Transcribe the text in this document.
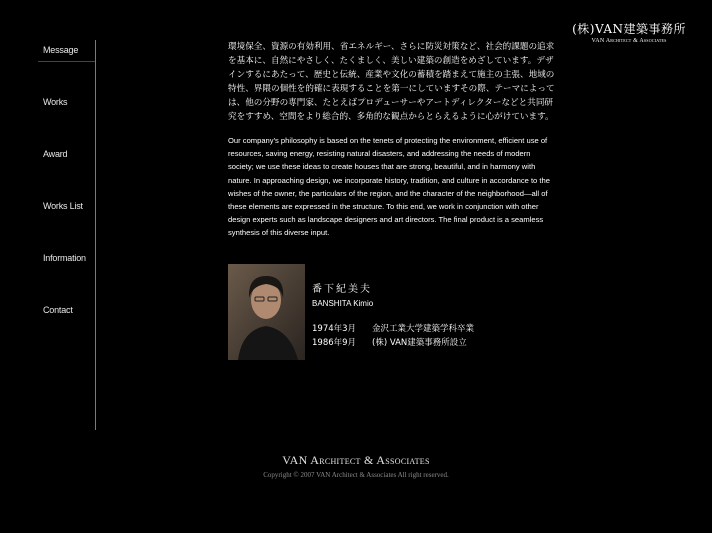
(株)VAN建築事務所
VAN Architect & Associates
Message
Works
Award
Works List
Information
Contact

環境保全、資源の有効利用、省エネルギー、さらに防災対策など、社会的課題の追求を基本に、自然にやさしく、たくましく、美しい建築の創造をめざしています。デザインするにあたって、歴史と伝統、産業や文化の蓄積を踏まえて施主の主張、地域の特性、界隈の個性を的確に表現することを第一にしていますその際、テーマによっては、他の分野の専門家、たとえばプロデューサーやアートディレクターなどと共同研究をすすめ、空間をより総合的、多角的な観点からとらえるように心がけています。

Our company's philosophy is based on the tenets of protecting the environment, efficient use of resources, saving energy, resisting natural disasters, and addressing the needs of modern society; we use these ideas to create houses that are strong, beautiful, and in harmony with nature. In approaching design, we incorporate history, tradition, and culture in accordance to the wishes of the owner, the particulars of the region, and the character of the neighborhood—all of these elements are expressed in the structure. To this end, we work in conjunction with other design experts such as landscape designers and art directors. The final product is a seamless synthesis of this diverse input.

番下紀美夫
BANSHITA Kimio
1974年3月 金沢工業大学建築学科卒業
1986年9月 (株) VAN建築事務所設立
VAN Architect & Associates
Copyright © 2007 VAN Architect & Associates All right reserved.
